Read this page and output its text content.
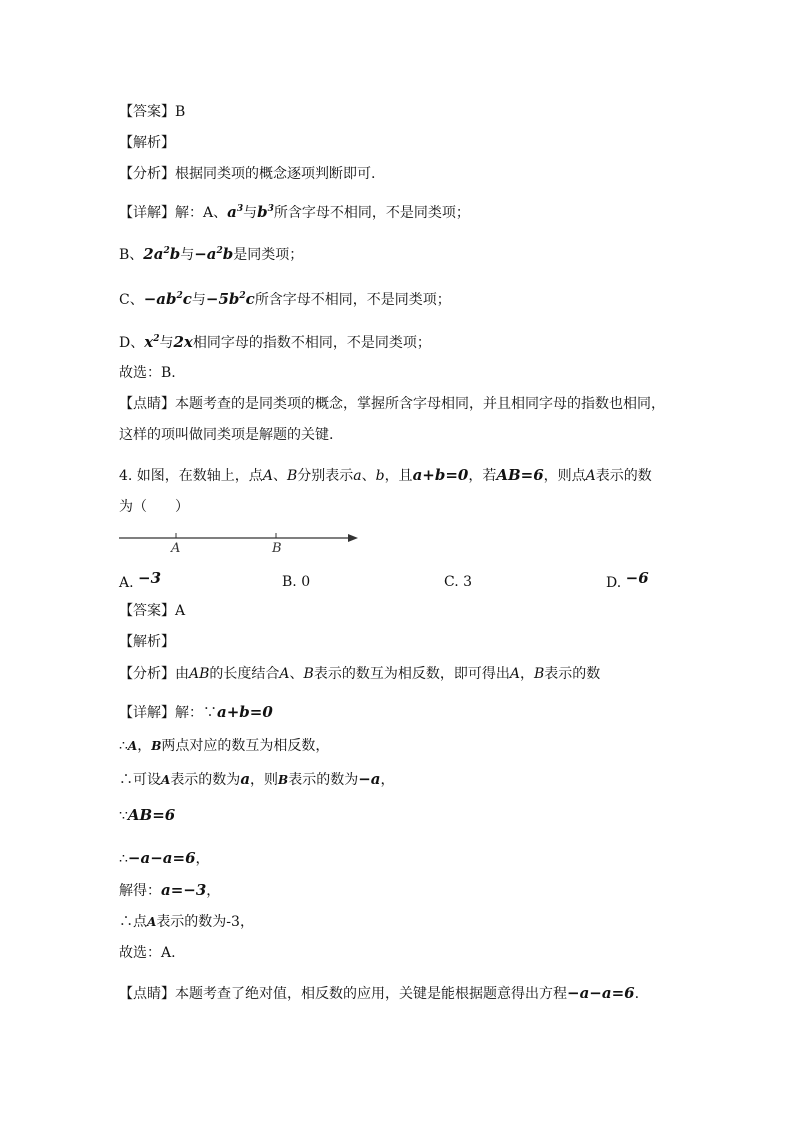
【答案】B
【解析】
【分析】根据同类项的概念逐项判断即可.
【详解】解：A、$a^3$与$b^3$所含字母不相同，不是同类项；
B、$2a^2b$与$-a^2b$是同类项；
C、$-ab^2c$与$-5b^2c$所含字母不相同，不是同类项；
D、$x^2$与2x相同字母的指数不相同，不是同类项；
故选：B.
【点睛】本题考查的是同类项的概念，掌握所含字母相同，并且相同字母的指数也相同，
这样的项叫做同类项是解题的关键.
4. 如图，在数轴上，点A、B分别表示a、b，且a+b=0，若AB=6，则点A表示的数
为（　　）
A	B
A. −3	B. 0	C. 3	D. −6
【答案】A
【解析】
【分析】由AB的长度结合A、B表示的数互为相反数，即可得出A，B表示的数
【详解】解：∵a+b=0
∴A，B两点对应的数互为相反数，
∴可设A表示的数为a，则B表示的数为−a，
∵AB=6
∴−a−a=6，
解得：a=−3，
∴点A表示的数为-3，
故选：A.
【点睛】本题考查了绝对值，相反数的应用，关键是能根据题意得出方程−a−a=6.
